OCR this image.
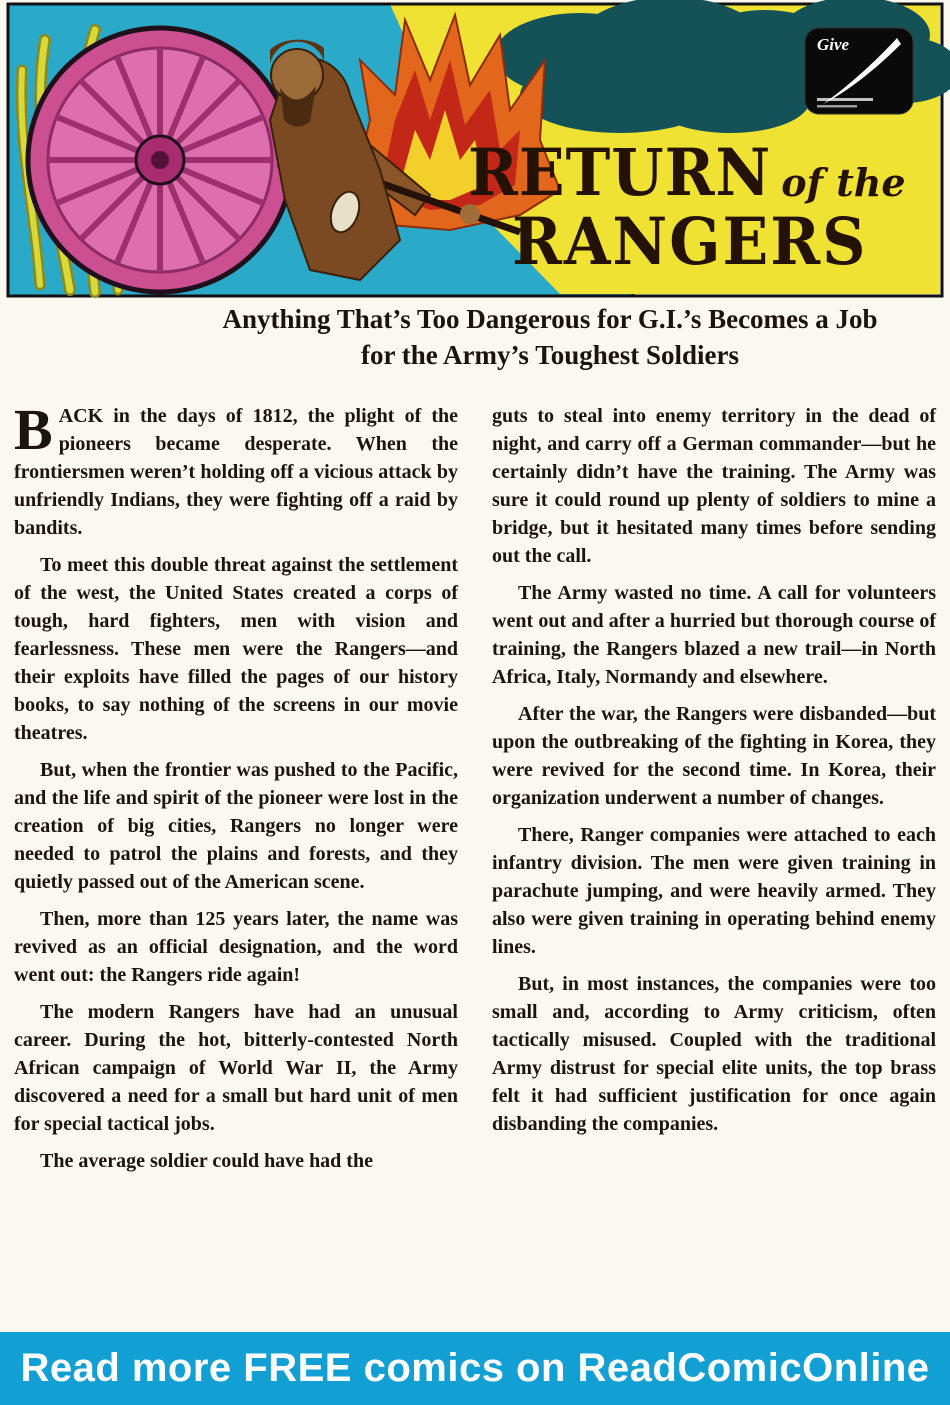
Give
RETURN of the
RANGERS
Anything That’s Too Dangerous for G.I.’s Becomes a Job
for the Army’s Toughest Soldiers

BACK in the days of 1812, the plight of the pioneers became desperate. When the frontiersmen weren’t holding off a vicious attack by unfriendly Indians, they were fighting off a raid by bandits.

To meet this double threat against the settlement of the west, the United States created a corps of tough, hard fighters, men with vision and fearlessness. These men were the Rangers—and their exploits have filled the pages of our history books, to say nothing of the screens in our movie theatres.

But, when the frontier was pushed to the Pacific, and the life and spirit of the pioneer were lost in the creation of big cities, Rangers no longer were needed to patrol the plains and forests, and they quietly passed out of the American scene.

Then, more than 125 years later, the name was revived as an official designation, and the word went out: the Rangers ride again!

The modern Rangers have had an unusual career. During the hot, bitterly-contested North African campaign of World War II, the Army discovered a need for a small but hard unit of men for special tactical jobs.

The average soldier could have had the

guts to steal into enemy territory in the dead of night, and carry off a German commander—but he certainly didn’t have the training. The Army was sure it could round up plenty of soldiers to mine a bridge, but it hesitated many times before sending out the call.

The Army wasted no time. A call for volunteers went out and after a hurried but thorough course of training, the Rangers blazed a new trail—in North Africa, Italy, Normandy and elsewhere.

After the war, the Rangers were disbanded—but upon the outbreaking of the fighting in Korea, they were revived for the second time. In Korea, their organization underwent a number of changes.

There, Ranger companies were attached to each infantry division. The men were given training in parachute jumping, and were heavily armed. They also were given training in operating behind enemy lines.

But, in most instances, the companies were too small and, according to Army criticism, often tactically misused. Coupled with the traditional Army distrust for special elite units, the top brass felt it had sufficient justification for once again disbanding the companies.

Read more FREE comics on ReadComicOnline
